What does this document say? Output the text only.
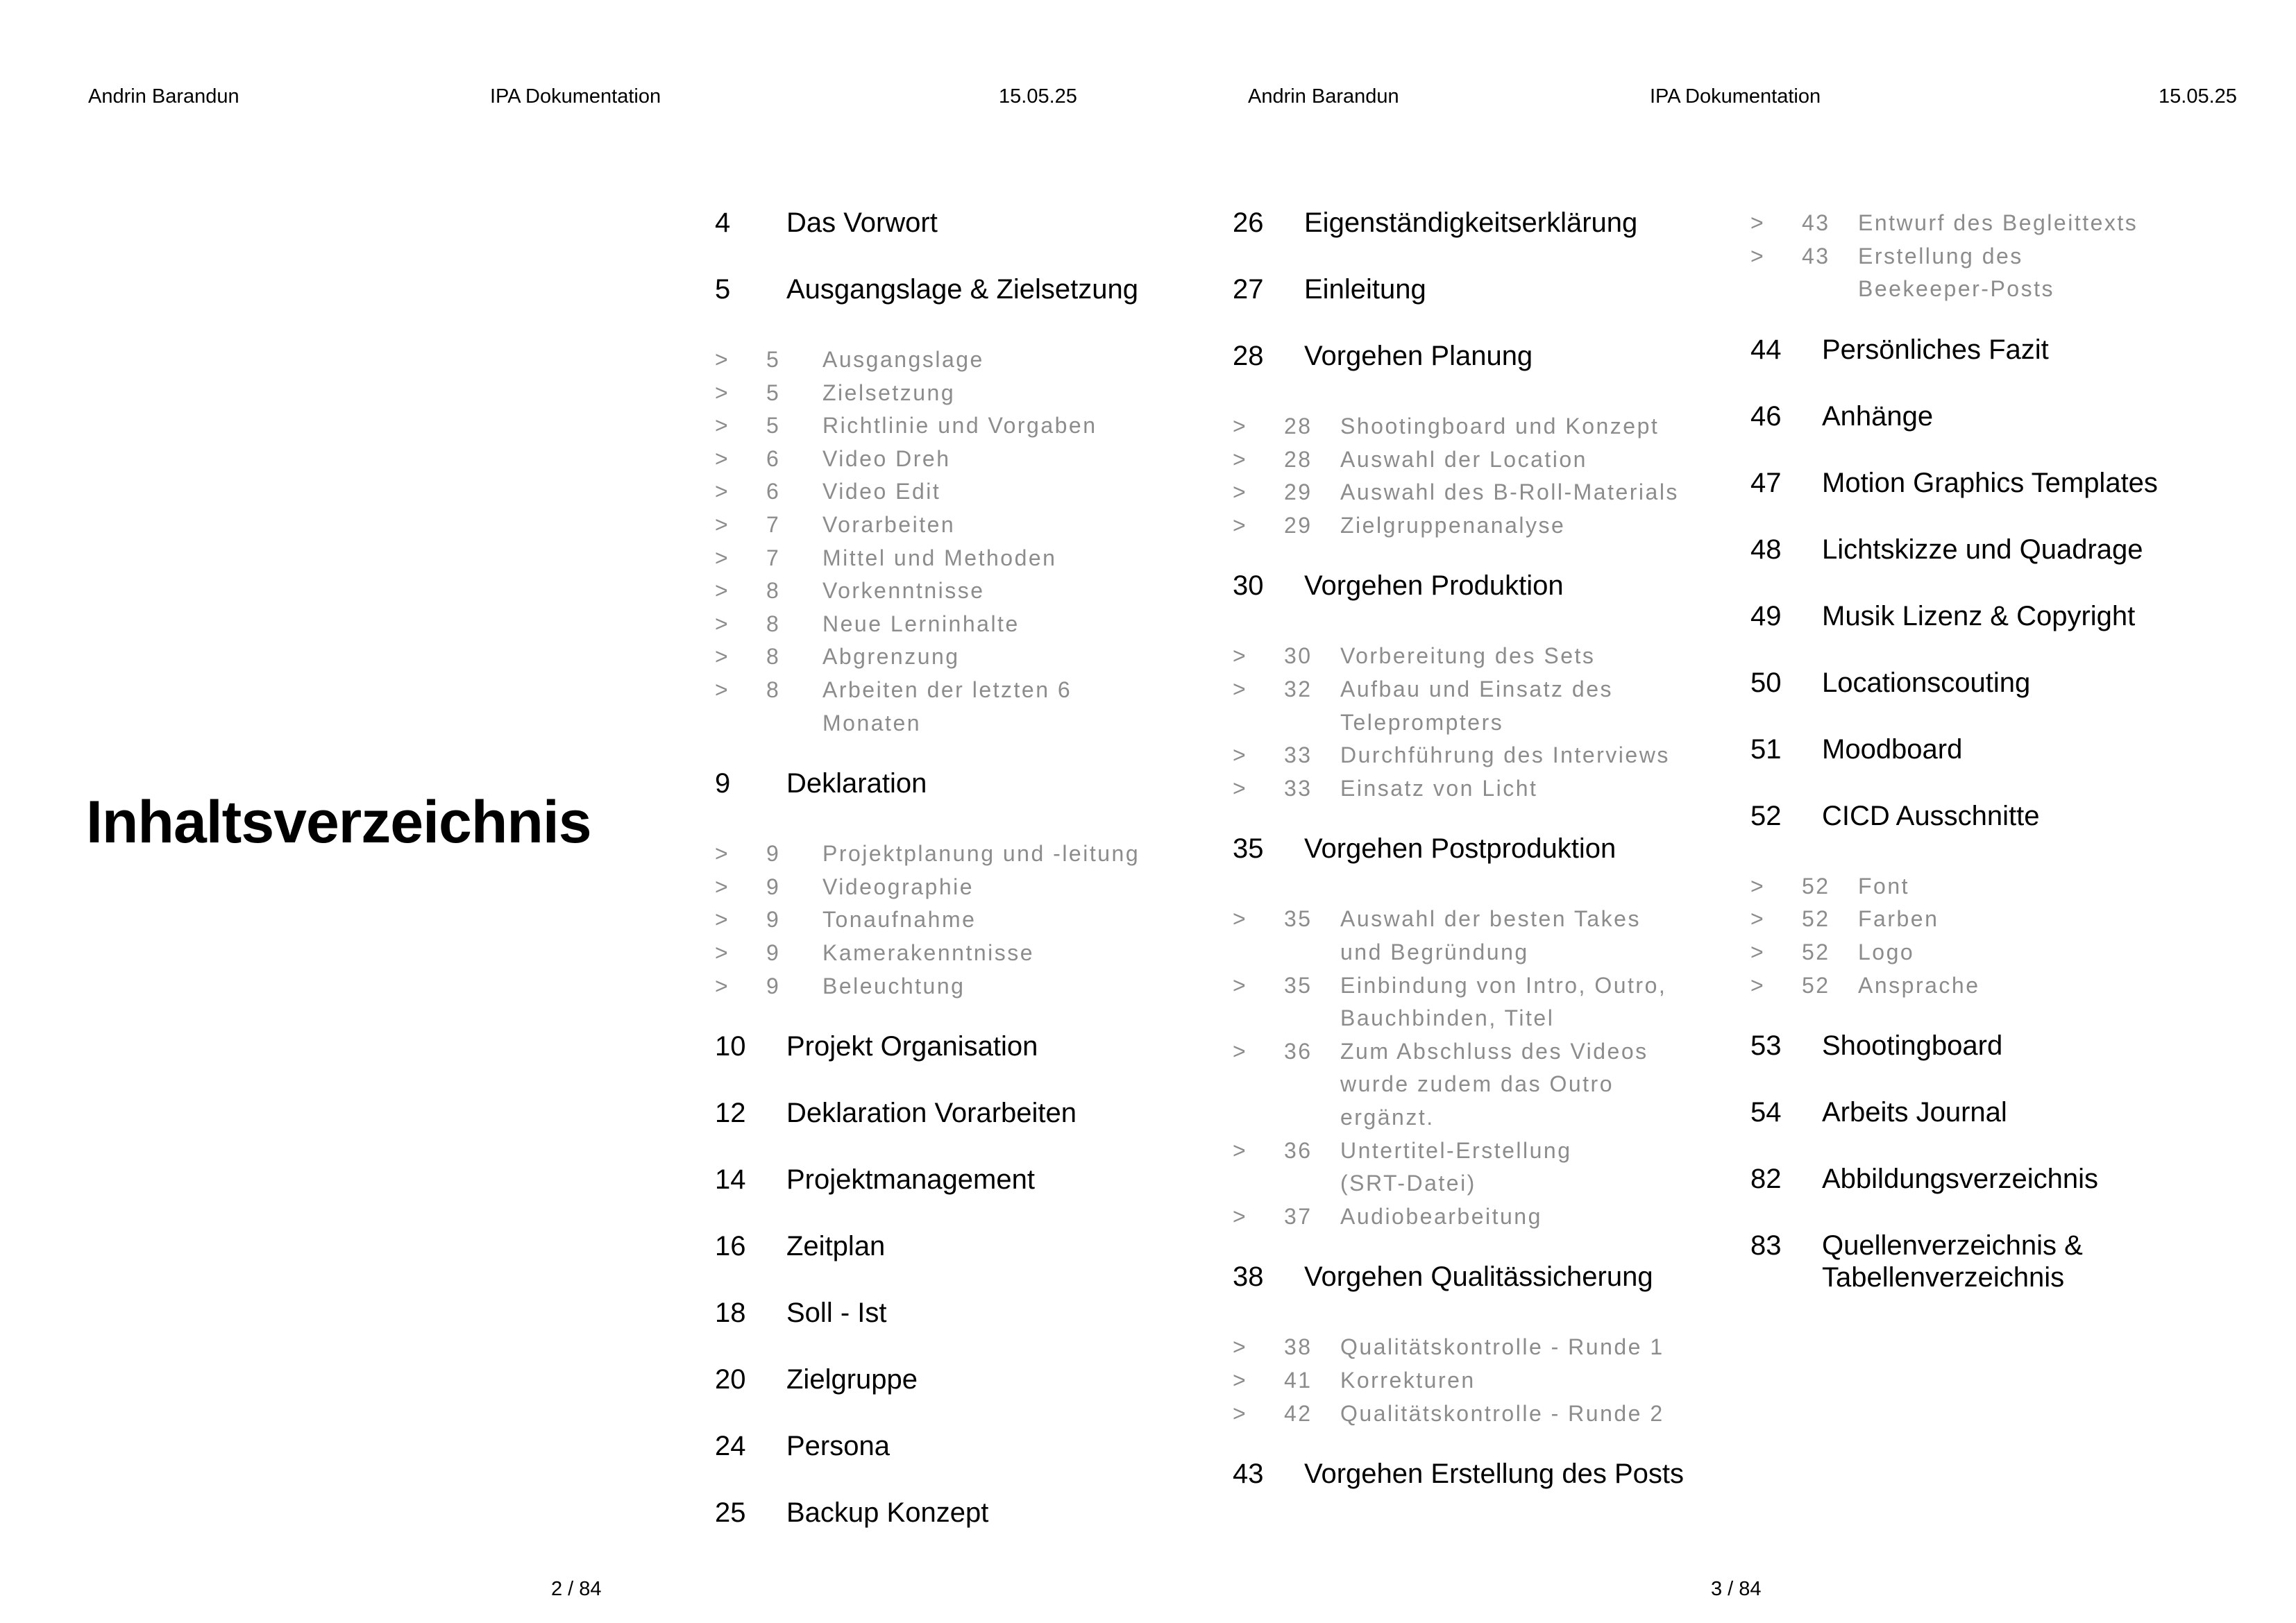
Andrin Barandun	IPA Dokumentation	15.05.25	Andrin Barandun	IPA Dokumentation	15.05.25
Inhaltsverzeichnis
4 Das Vorwort
5 Ausgangslage & Zielsetzung
> 5 Ausgangslage
> 5 Zielsetzung
> 5 Richtlinie und Vorgaben
> 6 Video Dreh
> 6 Video Edit
> 7 Vorarbeiten
> 7 Mittel und Methoden
> 8 Vorkenntnisse
> 8 Neue Lerninhalte
> 8 Abgrenzung
> 8 Arbeiten der letzten 6
Monaten
9 Deklaration
> 9 Projektplanung und -leitung
> 9 Videographie
> 9 Tonaufnahme
> 9 Kamerakenntnisse
> 9 Beleuchtung
10 Projekt Organisation
12 Deklaration Vorarbeiten
14 Projektmanagement
16 Zeitplan
18 Soll - Ist
20 Zielgruppe
24 Persona
25 Backup Konzept
26 Eigenständigkeitserklärung
27 Einleitung
28 Vorgehen Planung
> 28 Shootingboard und Konzept
> 28 Auswahl der Location
> 29 Auswahl des B-Roll-Materials
> 29 Zielgruppenanalyse
30 Vorgehen Produktion
> 30 Vorbereitung des Sets
> 32 Aufbau und Einsatz des
Teleprompters
> 33 Durchführung des Interviews
> 33 Einsatz von Licht
35 Vorgehen Postproduktion
> 35 Auswahl der besten Takes
und Begründung
> 35 Einbindung von Intro, Outro,
Bauchbinden, Titel
> 36 Zum Abschluss des Videos
wurde zudem das Outro
ergänzt.
> 36 Untertitel-Erstellung
(SRT-Datei)
> 37 Audiobearbeitung
38 Vorgehen Qualitässicherung
> 38 Qualitätskontrolle - Runde 1
> 41 Korrekturen
> 42 Qualitätskontrolle - Runde 2
43 Vorgehen Erstellung des Posts
> 43 Entwurf des Begleittexts
> 43 Erstellung des
Beekeeper-Posts
44 Persönliches Fazit
46 Anhänge
47 Motion Graphics Templates
48 Lichtskizze und Quadrage
49 Musik Lizenz & Copyright
50 Locationscouting
51 Moodboard
52 CICD Ausschnitte
> 52 Font
> 52 Farben
> 52 Logo
> 52 Ansprache
53 Shootingboard
54 Arbeits Journal
82 Abbildungsverzeichnis
83 Quellenverzeichnis &
Tabellenverzeichnis
2 / 84	3 / 84
